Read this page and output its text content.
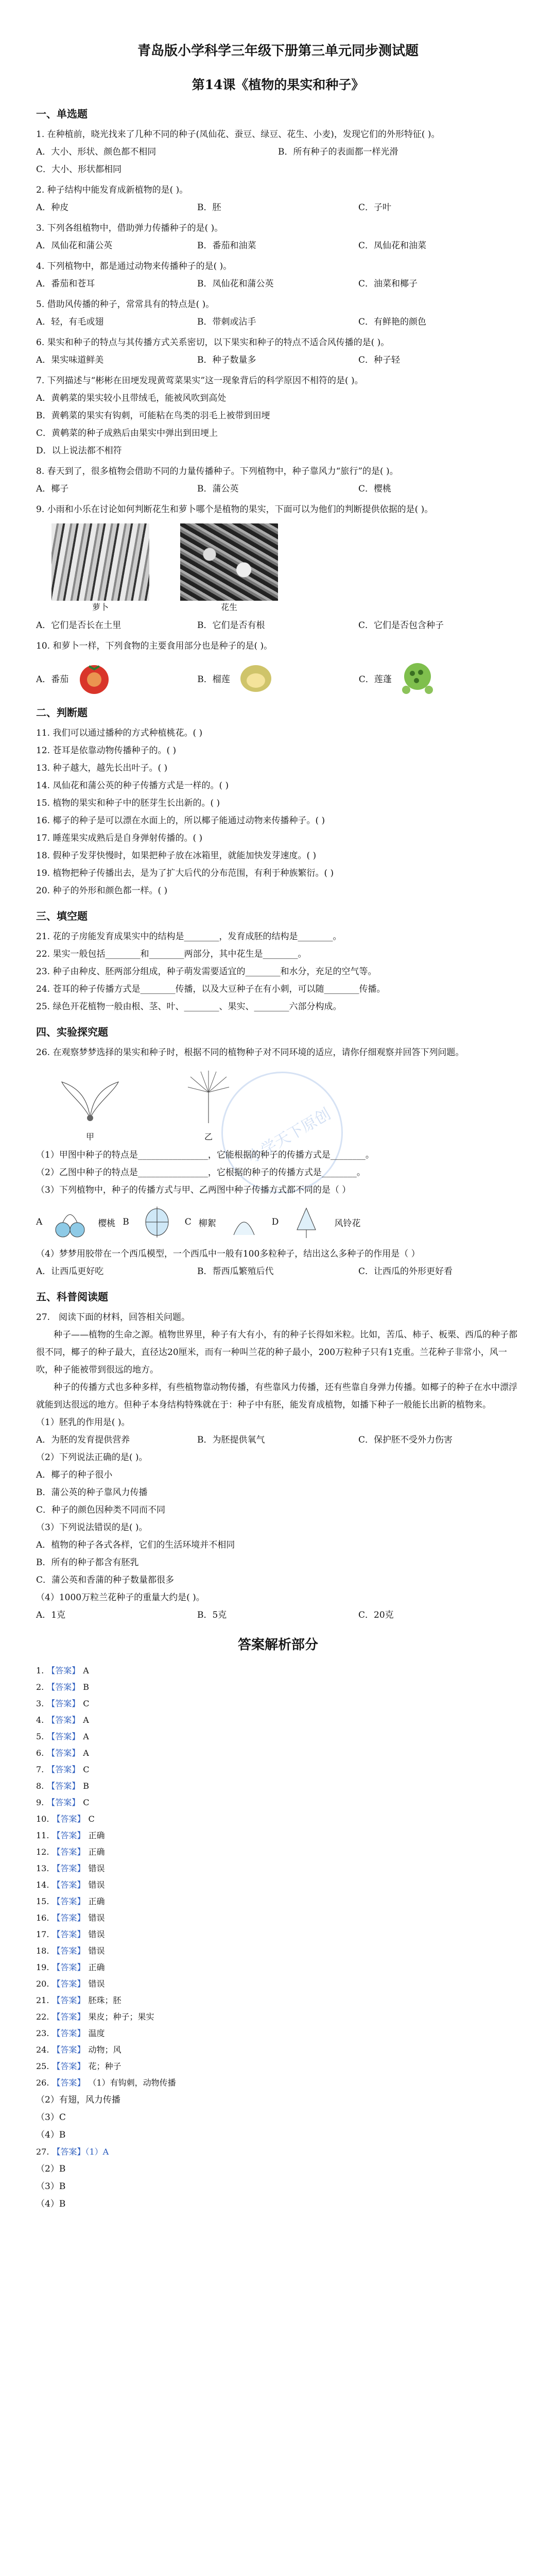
小学天下原创
青岛版小学科学三年级下册第三单元同步测试题
第14课《植物的果实和种子》
一、单选题

1. 在种植前，晓光找来了几种不同的种子(凤仙花、蚕豆、绿豆、花生、小麦)，发现它们的外形特征( )。

A．大小、形状、颜色都不相同	B．所有种子的表面都一样光滑
C．大小、形状都相同

2. 种子结构中能发育成新植物的是( )。

A．种皮	B．胚	C．子叶

3. 下列各组植物中，借助弹力传播种子的是( )。

A．凤仙花和蒲公英	B．番茄和油菜	C．凤仙花和油菜

4. 下列植物中，都是通过动物来传播种子的是( )。

A．番茄和苍耳	B．凤仙花和蒲公英	C．油菜和椰子

5. 借助风传播的种子，常常具有的特点是( )。

A．轻，有毛或翅	B．带刺或沾手	C．有鲜艳的颜色

6. 果实和种子的特点与其传播方式关系密切，以下果实和种子的特点不适合风传播的是( )。

A．果实味道鲜美	B．种子数量多	C．种子轻

7. 下列描述与“彬彬在田埂发现黄莺菜果实”这一现象背后的科学原因不相符的是( )。

A．黄鹌菜的果实较小且带绒毛，能被风吹到高处
B．黄鹌菜的果实有钩刺，可能粘在鸟类的羽毛上被带到田埂
C．黄鹌菜的种子成熟后由果实中弹出到田埂上
D．以上说法都不相符

8. 春天到了，很多植物会借助不同的力量传播种子。下列植物中，种子靠风力“旅行”的是( )。

A．椰子	B．蒲公英	C．樱桃

9. 小雨和小乐在讨论如何判断花生和萝卜哪个是植物的果实，下面可以为他们的判断提供依据的是( )。

萝卜	花生
A．它们是否长在土里	B．它们是否有根	C．它们是否包含种子

10. 和萝卜一样，下列食物的主要食用部分也是种子的是( )。

A．番茄	B．榴莲	C．莲蓬
二、判断题

11. 我们可以通过播种的方式种植桃花。( )

12. 苍耳是依靠动物传播种子的。( )

13. 种子越大，越先长出叶子。( )

14. 凤仙花和蒲公英的种子传播方式是一样的。( )

15. 植物的果实和种子中的胚芽生长出新的。( )

16. 椰子的种子是可以漂在水面上的，所以椰子能通过动物来传播种子。( )

17. 睡莲果实成熟后是自身弹射传播的。( )

18. 假种子发芽快慢时，如果把种子放在冰箱里，就能加快发芽速度。( )

19. 植物把种子传播出去，是为了扩大后代的分布范围，有利于种族繁衍。( )

20. 种子的外形和颜色都一样。( )

三、填空题

21. 花的子房能发育成果实中的结构是________，发育成胚的结构是________。

22. 果实一般包括________和________两部分，其中花生是________。

23. 种子由种皮、胚两部分组成，种子萌发需要适宜的________和水分，充足的空气等。

24. 苍耳的种子传播方式是________传播，以及大豆种子在有小刺，可以随________传播。

25. 绿色开花植物一般由根、茎、叶、________、果实、________六部分构成。

四、实验探究题

26. 在观察梦梦选择的果实和种子时，根据不同的植物种子对不同环境的适应，请你仔细观察并回答下列问题。

甲	乙

（1）甲图中种子的特点是________________，它能根据的种子的传播方式是________。

（2）乙图中种子的特点是________________，它根据的种子的传播方式是________。

（3）下列植物中，种子的传播方式与甲、乙两图中种子传播方式都不同的是（ ）

A	樱桃 B	C 柳絮	D	风铃花

（4）梦梦用胶带在一个西瓜模型，一个西瓜中一般有100多粒种子，结出这么多种子的作用是（ ）

A．让西瓜更好吃	B．帮西瓜繁殖后代	C．让西瓜的外形更好看
五、科普阅读题

27.　阅读下面的材料，回答相关问题。

种子——植物的生命之源。植物世界里，种子有大有小，有的种子长得如米粒。比如，苦瓜、柿子、板栗、西瓜的种子都很不同，椰子的种子最大，直径达20厘米，而有一种叫兰花的种子最小，200万粒种子只有1克重。兰花种子非常小，风一吹，种子能被带到很远的地方。

种子的传播方式也多种多样，有些植物靠动物传播，有些靠风力传播，还有些靠自身弹力传播。如椰子的种子在水中漂浮就能到达很远的地方。但种子本身结构特殊就在于：种子中有胚，能发育成植物，如播下种子一般能长出新的植物来。

（1）胚乳的作用是( )。

A．为胚的发育提供营养	B．为胚提供氧气	C．保护胚不受外力伤害

（2）下列说法正确的是( )。

A．椰子的种子很小
B．蒲公英的种子靠风力传播
C．种子的颜色因种类不同而不同

（3）下列说法错误的是( )。

A．植物的种子各式各样，它们的生活环境并不相同
B．所有的种子都含有胚乳
C．蒲公英和香蒲的种子数量都很多

（4）1000万粒兰花种子的重量大约是( )。

A．1克	B．5克	C．20克
答案解析部分
1. 【答案】 A
2. 【答案】 B
3. 【答案】 C
4. 【答案】 A
5. 【答案】 A
6. 【答案】 A
7. 【答案】 C
8. 【答案】 B
9. 【答案】 C
10. 【答案】 C
11. 【答案】 正确
12. 【答案】 正确
13. 【答案】 错误
14. 【答案】 错误
15. 【答案】 正确
16. 【答案】 错误
17. 【答案】 错误
18. 【答案】 错误
19. 【答案】 正确
20. 【答案】 错误
21. 【答案】 胚珠；胚
22. 【答案】 果皮；种子；果实
23. 【答案】 温度
24. 【答案】 动物；风
25. 【答案】 花；种子
26. 【答案】 （1）有钩刺，动物传播

（2）有翅，风力传播

（3）C

（4）B

27. 【答案】（1）A

（2）B

（3）B

（4）B
